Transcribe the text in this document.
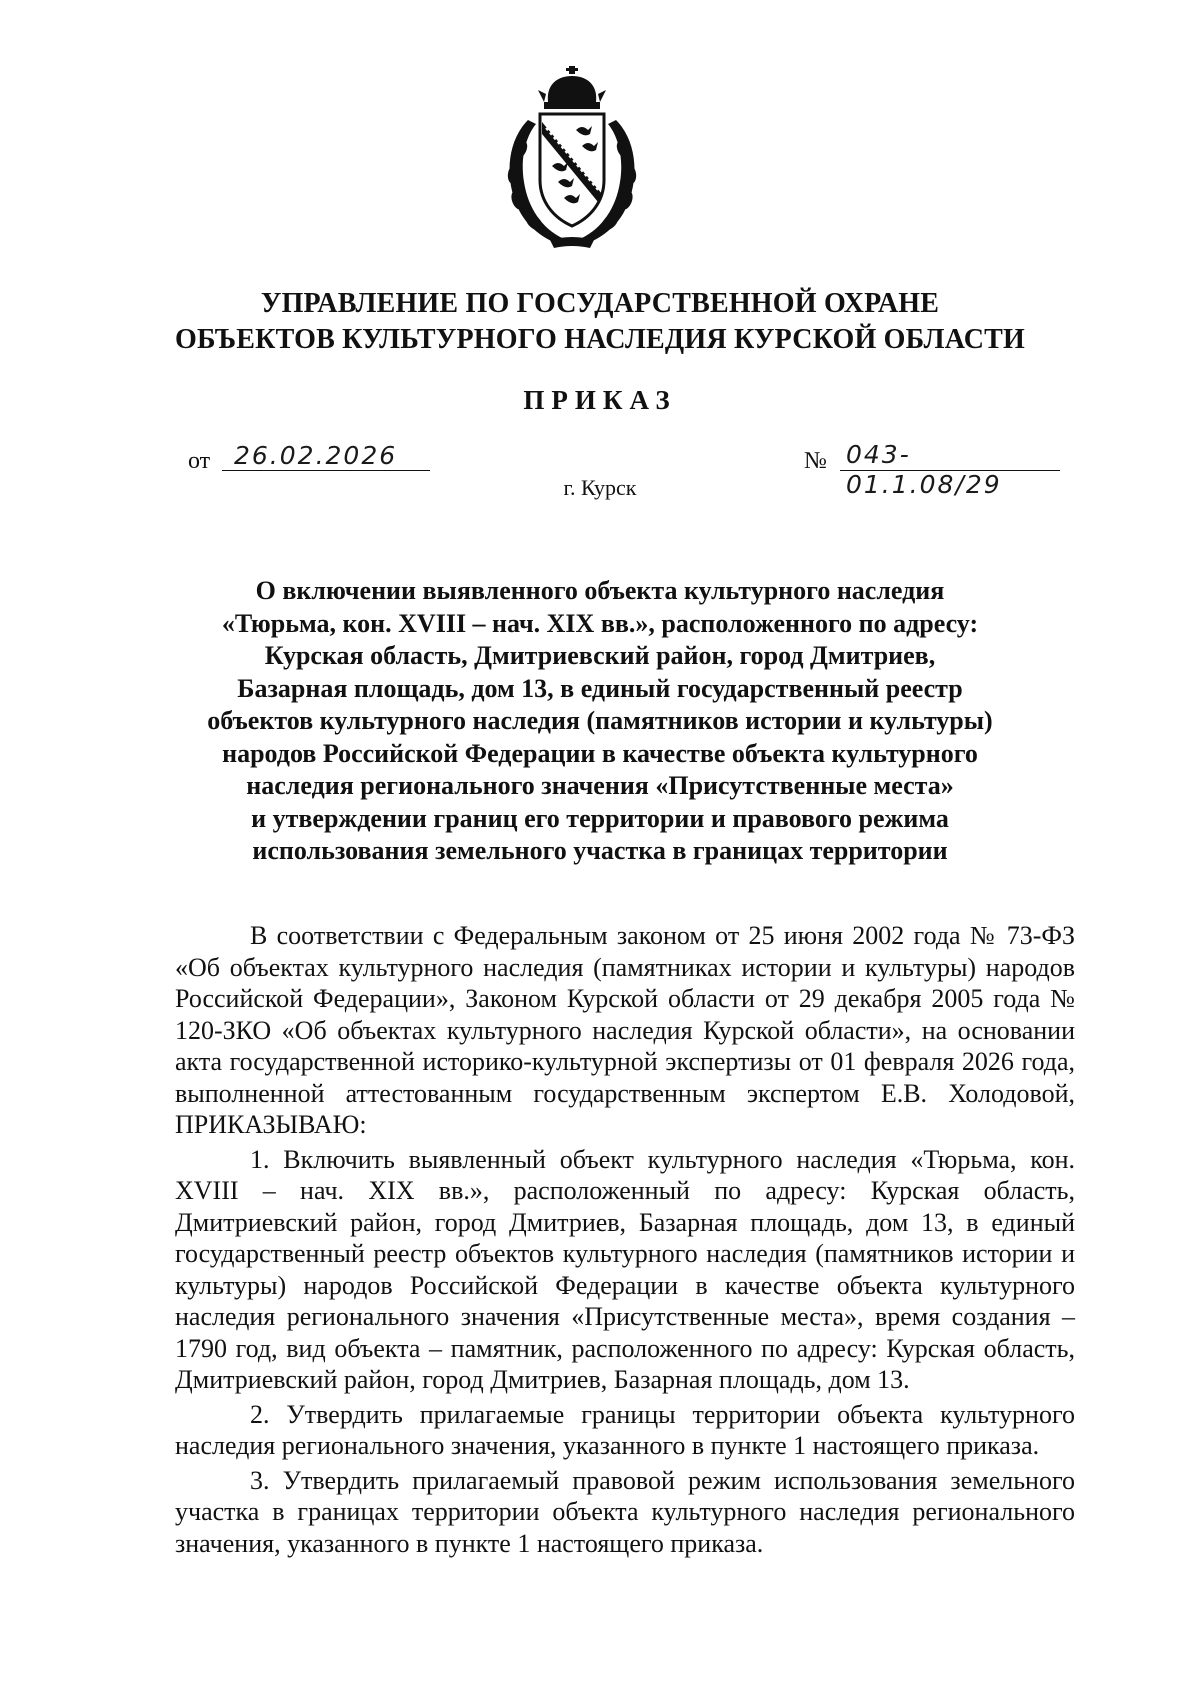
УПРАВЛЕНИЕ ПО ГОСУДАРСТВЕННОЙ ОХРАНЕ
ОБЪЕКТОВ КУЛЬТУРНОГО НАСЛЕДИЯ КУРСКОЙ ОБЛАСТИ
ПРИКАЗ
от 26.02.2026	№ 043-01.1.08/29
г. Курск
О включении выявленного объекта культурного наследия
«Тюрьма, кон. XVIII – нач. XIX вв.», расположенного по адресу:
Курская область, Дмитриевский район, город Дмитриев,
Базарная площадь, дом 13, в единый государственный реестр
объектов культурного наследия (памятников истории и культуры)
народов Российской Федерации в качестве объекта культурного
наследия регионального значения «Присутственные места»
и утверждении границ его территории и правового режима
использования земельного участка в границах территории

В соответствии с Федеральным законом от 25 июня 2002 года № 73-ФЗ «Об объектах культурного наследия (памятниках истории и культуры) народов Российской Федерации», Законом Курской области от 29 декабря 2005 года № 120-ЗКО «Об объектах культурного наследия Курской области», на основании акта государственной историко-культурной экспертизы от 01 февраля 2026 года, выполненной аттестованным государственным экспертом Е.В. Холодовой, ПРИКАЗЫВАЮ:

1. Включить выявленный объект культурного наследия «Тюрьма, кон. XVIII – нач. XIX вв.», расположенный по адресу: Курская область, Дмитриевский район, город Дмитриев, Базарная площадь, дом 13, в единый государственный реестр объектов культурного наследия (памятников истории и культуры) народов Российской Федерации в качестве объекта культурного наследия регионального значения «Присутственные места», время создания – 1790 год, вид объекта – памятник, расположенного по адресу: Курская область, Дмитриевский район, город Дмитриев, Базарная площадь, дом 13.

2. Утвердить прилагаемые границы территории объекта культурного наследия регионального значения, указанного в пункте 1 настоящего приказа.

3. Утвердить прилагаемый правовой режим использования земельного участка в границах территории объекта культурного наследия регионального значения, указанного в пункте 1 настоящего приказа.
